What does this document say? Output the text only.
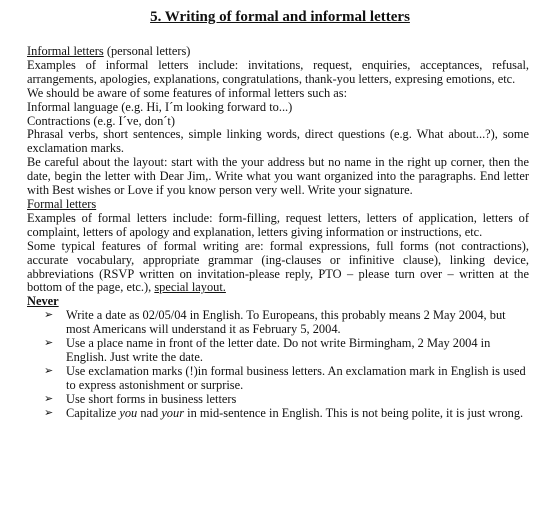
5. Writing of formal and informal letters

Informal letters (personal letters)

Examples of informal letters include: invitations, request, enquiries, acceptances, refusal, arrangements, apologies, explanations, congratulations, thank-you letters, expresing emotions, etc.

We should be aware of some features of informal letters such as:

Informal language (e.g. Hi, I´m looking forward to...)

Contractions (e.g. I´ve, don´t)

Phrasal verbs, short sentences, simple linking words, direct questions (e.g. What about...?), some exclamation marks.

Be careful about the layout: start with the your address but no name in the right up corner, then the date, begin the letter with Dear Jim,. Write what you want organized into the paragraphs. End letter with Best wishes or Love if you know person very well. Write your signature.

Formal letters

Examples of formal letters include: form-filling, request letters, letters of application, letters of complaint, letters of apology and explanation, letters giving information or instructions, etc.

Some typical features of formal writing are: formal expressions, full forms (not contractions), accurate vocabulary, appropriate grammar (ing-clauses or infinitive clause), linking device, abbreviations (RSVP written on invitation-please reply, PTO – please turn over – written at the bottom of the page, etc.), special layout.

Never

➢	Write a date as 02/05/04 in English. To Europeans, this probably means 2 May 2004, but most Americans will understand it as February 5, 2004.
➢	Use a place name in front of the letter date. Do not write Birmingham, 2 May 2004 in English. Just write the date.
➢	Use exclamation marks (!)in formal business letters. An exclamation mark in English is used to express astonishment or surprise.
➢	Use short forms in business letters
➢	Capitalize you nad your in mid-sentence in English. This is not being polite, it is just wrong.
